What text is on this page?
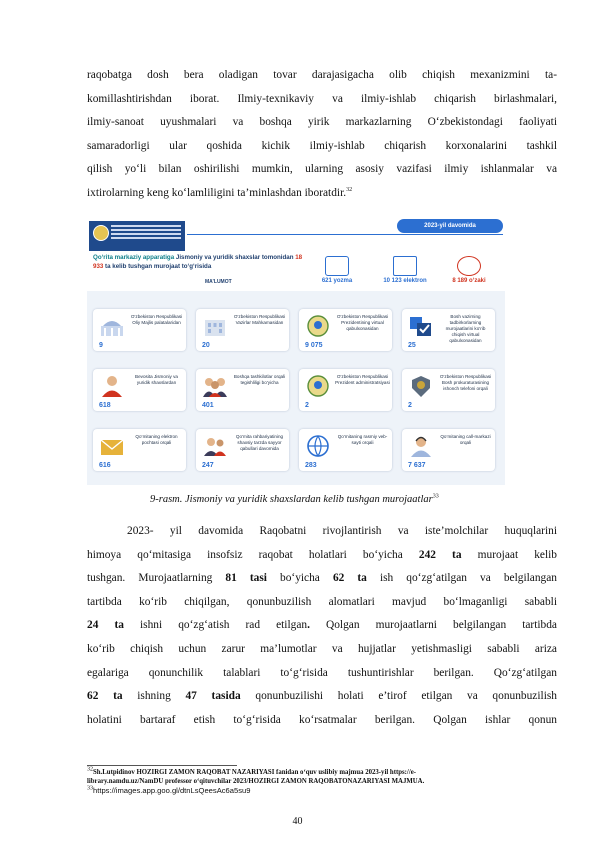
raqobatga dosh bera oladigan tovar darajasigacha olib chiqish mexanizmini ta-
komillashtirishdan iborat. Ilmiy-texnikaviy va ilmiy-ishlab chiqarish birlashmalari,
ilmiy-sanoat uyushmalari va boshqa yirik markazlarning O‘zbekistondagi faoliyati
samaradorligi ular qoshida kichik ilmiy-ishlab chiqarish korxonalarini tashkil
qilish yo‘li bilan oshirilishi mumkin, ularning asosiy vazifasi ilmiy ishlanmalar va
ixtirolarning keng ko‘lamliligini ta’minlashdan iboratdir.$^{32}$
2023-yil davomida
Qo‘rita markaziy apparatiga Jismoniy va yuridik shaxslar tomonidan 18 933 ta kelib tushgan murojaat to‘g‘risida
MA’LUMOT	621 yozma	10 123 elektron	8 189 o‘zaki
O‘zbekiston Respublikasi Oliy Majlis palatalaridan
9
O‘zbekiston Respublikasi Vazirlar Mahkamasidan
20
O‘zbekiston Respublikasi Prezidentining virtual qabulxonasidan
9 075
Bosh vazirning tadbirkorlarning murojaatlarini ko‘rib chiqish virtual qabulxonasidan
25
Bevosita Jismoniy va yuridik shaxslardan
618
Boshqa tashkilotlar orqali tegishliligi bo‘yicha
401
O‘zbekiston Respublikasi Prezident administratsiyasi
2
O‘zbekiston Respublikasi Bosh prokuraturasining ishonch telefoni orqali
2
Qo‘mitaning elektron pochtasi orqali
616
Qo‘mita rahbariyatining shaxsiy tarzda sayyor qabullari davomida
247
Qo‘mitaning rasmiy veb-sayti orqali
283
Qo‘mitaning call-markazi orqali
7 637
9-rasm. Jismoniy va yuridik shaxslardan kelib tushgan murojaatlar$^{33}$
2023- yil davomida Raqobatni rivojlantirish va iste’molchilar huquqlarini
himoya qo‘mitasiga insofsiz raqobat holatlari bo‘yicha 242 ta murojaat kelib
tushgan. Murojaatlarning 81 tasi bo‘yicha 62 ta ish qo‘zg‘atilgan va belgilangan
tartibda ko‘rib chiqilgan, qonunbuzilish alomatlari mavjud bo‘lmaganligi sababli
24 ta ishni qo‘zg‘atish rad etilgan. Qolgan murojaatlarni belgilangan tartibda
ko‘rib chiqish uchun zarur ma’lumotlar va hujjatlar yetishmasligi sababli ariza
egalariga qonunchilik talablari to‘g‘risida tushuntirishlar berilgan. Qo‘zg‘atilgan
62 ta ishning 47 tasida qonunbuzilishi holati e’tirof etilgan va qonunbuzilish
holatini bartaraf etish to‘g‘risida ko‘rsatmalar berilgan. Qolgan ishlar qonun
$^{32}$Sh.Lutpidinov HOZIRGI ZAMON RAQOBAT NAZARIYASI fanidan o‘quv uslibiy majmua 2023-yil https://e-
library.namdu.uz/NamDU professor o‘qituvchilar 2023/HOZIRGI ZAMON RAQOBATONAZARIYASI MAJMUA.
$^{33}$https://images.app.goo.gl/dtnLsQeesAc6a5su9
40
